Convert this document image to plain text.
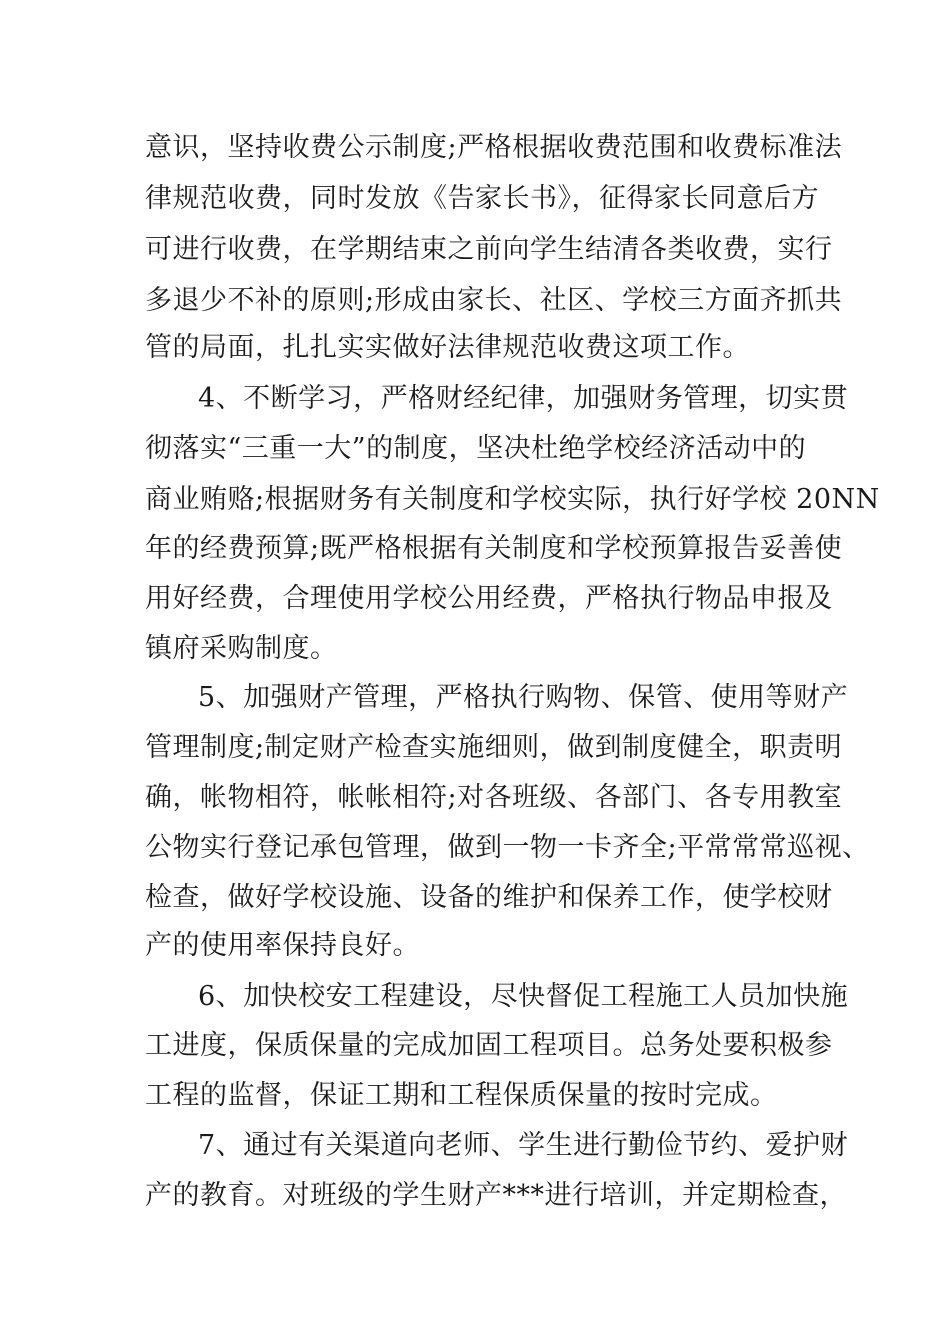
意识，坚持收费公示制度;严格根据收费范围和收费标准法
律规范收费，同时发放《告家长书》，征得家长同意后方
可进行收费，在学期结束之前向学生结清各类收费，实行
多退少不补的原则;形成由家长、社区、学校三方面齐抓共
管的局面，扎扎实实做好法律规范收费这项工作。
4、不断学习，严格财经纪律，加强财务管理，切实贯
彻落实“三重一大”的制度，坚决杜绝学校经济活动中的
商业贿赂;根据财务有关制度和学校实际，执行好学校 20NN
年的经费预算;既严格根据有关制度和学校预算报告妥善使
用好经费，合理使用学校公用经费，严格执行物品申报及
镇府采购制度。
5、加强财产管理，严格执行购物、保管、使用等财产
管理制度;制定财产检查实施细则，做到制度健全，职责明
确，帐物相符，帐帐相符;对各班级、各部门、各专用教室
公物实行登记承包管理，做到一物一卡齐全;平常常常巡视、
检查，做好学校设施、设备的维护和保养工作，使学校财
产的使用率保持良好。
6、加快校安工程建设，尽快督促工程施工人员加快施
工进度，保质保量的完成加固工程项目。总务处要积极参
工程的监督，保证工期和工程保质保量的按时完成。
7、通过有关渠道向老师、学生进行勤俭节约、爱护财
产的教育。对班级的学生财产***进行培训，并定期检查，
